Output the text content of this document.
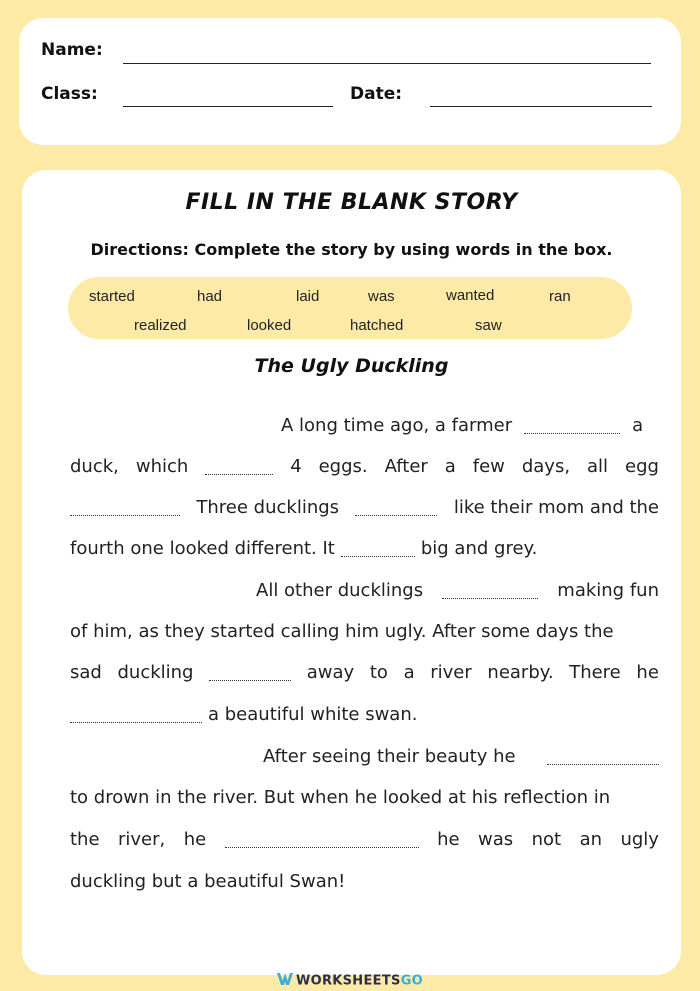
Name:
Class:	Date:
FILL IN THE BLANK STORY
Directions: Complete the story by using words in the box.
started	had	laid	was	wanted	ran
realized	looked	hatched	saw
The Ugly Duckling
A long time ago, a farmer	a
duck, which	4 eggs. After a few days, all egg
Three ducklings	like their mom and the
fourth one looked different. It	big and grey.
All other ducklings	making fun
of him, as they started calling him ugly. After some days the
sad duckling	away to a river nearby. There he
a beautiful white swan.
After seeing their beauty he
to drown in the river. But when he looked at his reflection in
the river, he	he was not an ugly
duckling but a beautiful Swan!
WORKSHEETSGO
